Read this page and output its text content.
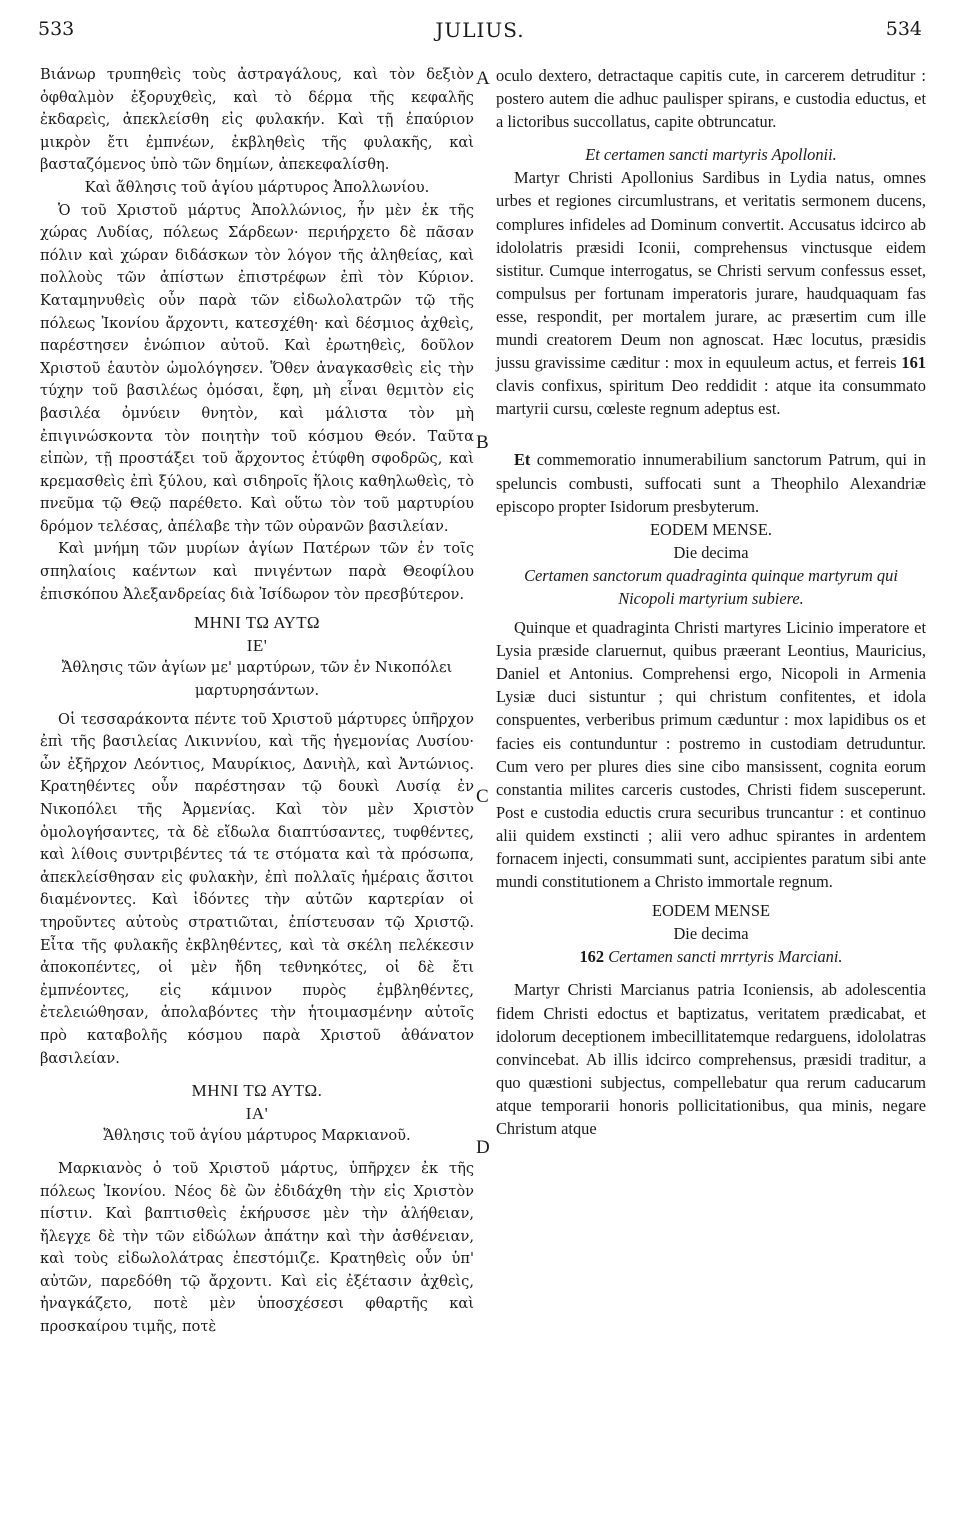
533	JULIUS.	534
A
B
C
D

Βιάνωρ τρυπηθεὶς τοὺς ἀστραγάλους, καὶ τὸν δεξιὸν ὀφθαλμὸν ἐξορυχθεὶς, καὶ τὸ δέρμα τῆς κεφαλῆς ἐκδαρεὶς, ἀπεκλείσθη εἰς φυλακήν. Καὶ τῇ ἐπαύριον μικρὸν ἔτι ἐμπνέων, ἐκβληθεὶς τῆς φυλακῆς, καὶ βασταζόμενος ὑπὸ τῶν δημίων, ἀπεκεφαλίσθη.

Καὶ ἄθλησις τοῦ ἁγίου μάρτυρος Ἀπολλωνίου.

Ὁ τοῦ Χριστοῦ μάρτυς Ἀπολλώνιος, ἦν μὲν ἐκ τῆς χώρας Λυδίας, πόλεως Σάρδεων· περιήρχετο δὲ πᾶσαν πόλιν καὶ χώραν διδάσκων τὸν λόγον τῆς ἀληθείας, καὶ πολλοὺς τῶν ἀπίστων ἐπιστρέφων ἐπὶ τὸν Κύριον. Καταμηνυθεὶς οὖν παρὰ τῶν εἰδωλολατρῶν τῷ τῆς πόλεως Ἰκονίου ἄρχοντι, κατεσχέθη· καὶ δέσμιος ἀχθεὶς, παρέστησεν ἐνώπιον αὐτοῦ. Καὶ ἐρωτηθεὶς, δοῦλον Χριστοῦ ἑαυτὸν ὡμολόγησεν. Ὅθεν ἀναγκασθεὶς εἰς τὴν τύχην τοῦ βασιλέως ὀμόσαι, ἔφη, μὴ εἶναι θεμιτὸν εἰς βασιλέα ὀμνύειν θνητὸν, καὶ μάλιστα τὸν μὴ ἐπιγινώσκοντα τὸν ποιητὴν τοῦ κόσμου Θεόν. Ταῦτα εἰπὼν, τῇ προστάξει τοῦ ἄρχοντος ἐτύφθη σφοδρῶς, καὶ κρεμασθεὶς ἐπὶ ξύλου, καὶ σιδηροῖς ἥλοις καθηλωθεὶς, τὸ πνεῦμα τῷ Θεῷ παρέθετο. Καὶ οὕτω τὸν τοῦ μαρτυρίου δρόμον τελέσας, ἀπέλαβε τὴν τῶν οὐρανῶν βασιλείαν.

Καὶ μνήμη τῶν μυρίων ἁγίων Πατέρων τῶν ἐν τοῖς σπηλαίοις καέντων καὶ πνιγέντων παρὰ Θεοφίλου ἐπισκόπου Ἀλεξανδρείας διὰ Ἰσίδωρον τὸν πρεσβύτερον.

ΜΗΝΙ ΤΩ ΑΥΤΩ

ΙΕ'

Ἄθλησις τῶν ἁγίων με' μαρτύρων, τῶν ἐν Νικοπόλει μαρτυρησάντων.

Οἱ τεσσαράκοντα πέντε τοῦ Χριστοῦ μάρτυρες ὑπῆρχον ἐπὶ τῆς βασιλείας Λικιννίου, καὶ τῆς ἡγεμονίας Λυσίου· ὧν ἐξῆρχον Λεόντιος, Μαυρίκιος, Δανιὴλ, καὶ Ἀντώνιος. Κρατηθέντες οὖν παρέστησαν τῷ δουκὶ Λυσίᾳ ἐν Νικοπόλει τῆς Ἀρμενίας. Καὶ τὸν μὲν Χριστὸν ὁμολογήσαντες, τὰ δὲ εἴδωλα διαπτύσαντες, τυφθέντες, καὶ λίθοις συντριβέντες τά τε στόματα καὶ τὰ πρόσωπα, ἀπεκλείσθησαν εἰς φυλακὴν, ἐπὶ πολλαῖς ἡμέραις ἄσιτοι διαμένοντες. Καὶ ἰδόντες τὴν αὐτῶν καρτερίαν οἱ τηροῦντες αὐτοὺς στρατιῶται, ἐπίστευσαν τῷ Χριστῷ. Εἶτα τῆς φυλακῆς ἐκβληθέντες, καὶ τὰ σκέλη πελέκεσιν ἀποκοπέντες, οἱ μὲν ἤδη τεθνηκότες, οἱ δὲ ἔτι ἐμπνέοντες, εἰς κάμινον πυρὸς ἐμβληθέντες, ἐτελειώθησαν, ἀπολαβόντες τὴν ἡτοιμασμένην αὐτοῖς πρὸ καταβολῆς κόσμου παρὰ Χριστοῦ ἀθάνατον βασιλείαν.

ΜΗΝΙ ΤΩ ΑΥΤΩ.

ΙΑ'

Ἄθλησις τοῦ ἁγίου μάρτυρος Μαρκιανοῦ.

Μαρκιανὸς ὁ τοῦ Χριστοῦ μάρτυς, ὑπῆρχεν ἐκ τῆς πόλεως Ἰκονίου. Νέος δὲ ὢν ἐδιδάχθη τὴν εἰς Χριστὸν πίστιν. Καὶ βαπτισθεὶς ἐκήρυσσε μὲν τὴν ἀλήθειαν, ἤλεγχε δὲ τὴν τῶν εἰδώλων ἀπάτην καὶ τὴν ἀσθένειαν, καὶ τοὺς εἰδωλολάτρας ἐπεστόμιζε. Κρατηθεὶς οὖν ὑπ' αὐτῶν, παρεδόθη τῷ ἄρχοντι. Καὶ εἰς ἐξέτασιν ἀχθεὶς, ἠναγκάζετο, ποτὲ μὲν ὑποσχέσεσι φθαρτῆς καὶ προσκαίρου τιμῆς, ποτὲ

oculo dextero, detractaque capitis cute, in carcerem detruditur : postero autem die adhuc paulisper spirans, e custodia eductus, et a lictoribus succollatus, capite obtruncatur.

Et certamen sancti martyris Apollonii.

Martyr Christi Apollonius Sardibus in Lydia natus, omnes urbes et regiones circumlustrans, et veritatis sermonem ducens, complures infideles ad Dominum convertit. Accusatus idcirco ab idololatris præsidi Iconii, comprehensus vinctusque eidem sistitur. Cumque interrogatus, se Christi servum confessus esset, compulsus per fortunam imperatoris jurare, haudquaquam fas esse, respondit, per mortalem jurare, ac præsertim cum ille mundi creatorem Deum non agnoscat. Hæc locutus, præsidis jussu gravissime cæditur : mox in equuleum actus, et ferreis 161 clavis confixus, spiritum Deo reddidit : atque ita consummato martyrii cursu, cœleste regnum adeptus est.

Et commemoratio innumerabilium sanctorum Patrum, qui in speluncis combusti, suffocati sunt a Theophilo Alexandriæ episcopo propter Isidorum presbyterum.

EODEM MENSE.

Die decima

Certamen sanctorum quadraginta quinque martyrum qui Nicopoli martyrium subiere.

Quinque et quadraginta Christi martyres Licinio imperatore et Lysia præside claruernut, quibus præerant Leontius, Mauricius, Daniel et Antonius. Comprehensi ergo, Nicopoli in Armenia Lysiæ duci sistuntur ; qui christum confitentes, et idola conspuentes, verberibus primum cæduntur : mox lapidibus os et facies eis contunduntur : postremo in custodiam detruduntur. Cum vero per plures dies sine cibo mansissent, cognita eorum constantia milites carceris custodes, Christi fidem susceperunt. Post e custodia eductis crura securibus truncantur : et continuo alii quidem exstincti ; alii vero adhuc spirantes in ardentem fornacem injecti, consummati sunt, accipientes paratum sibi ante mundi constitutionem a Christo immortale regnum.

EODEM MENSE

Die decima

162 Certamen sancti mrrtyris Marciani.

Martyr Christi Marcianus patria Iconiensis, ab adolescentia fidem Christi edoctus et baptizatus, veritatem prædicabat, et idolorum deceptionem imbecillitatemque redarguens, idololatras convincebat. Ab illis idcirco comprehensus, præsidi traditur, a quo quæstioni subjectus, compellebatur qua rerum caducarum atque temporarii honoris pollicitationibus, qua minis, negare Christum atque
